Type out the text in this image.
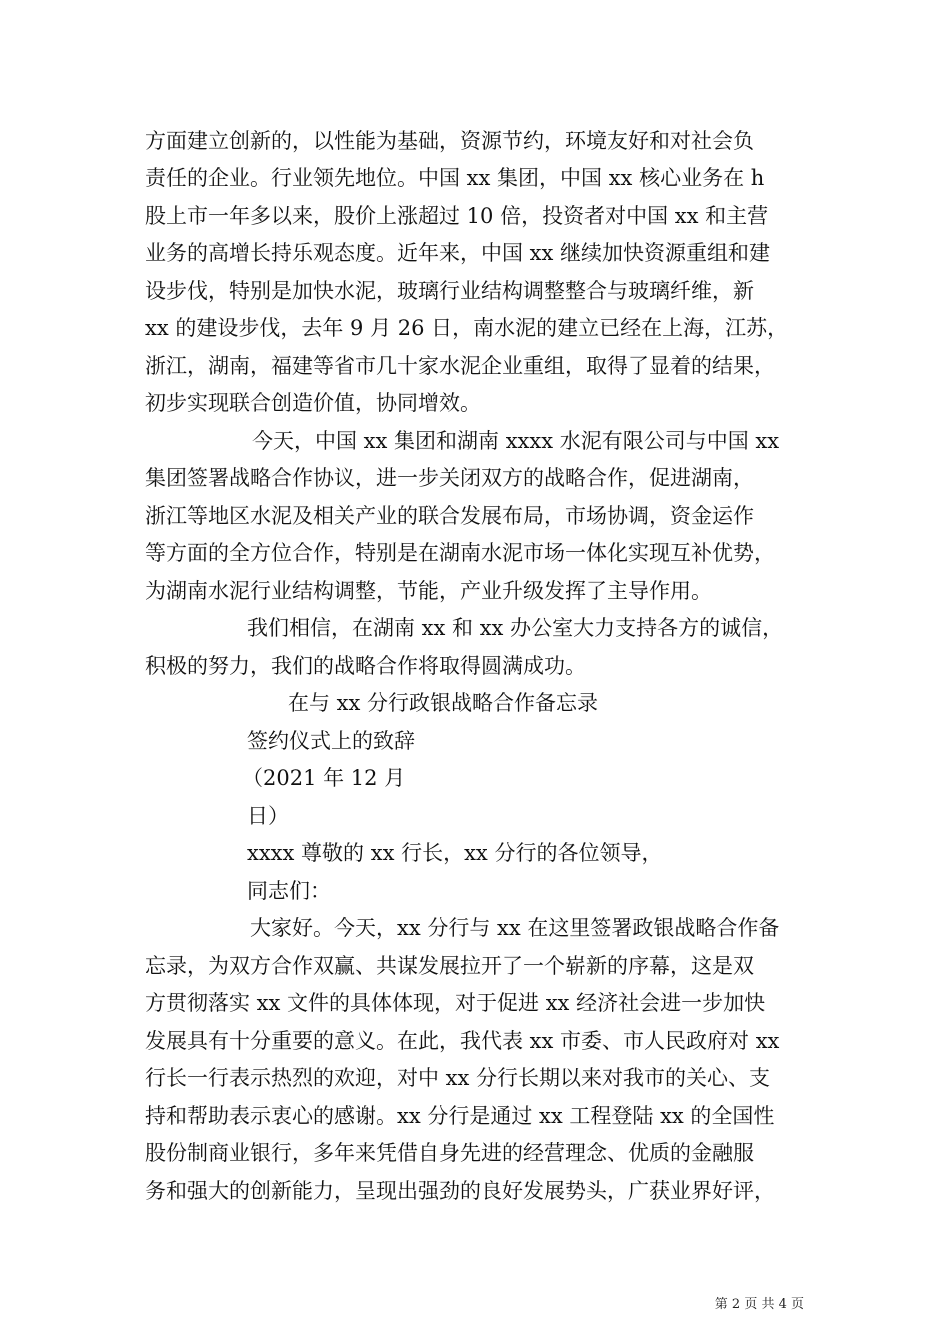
方面建立创新的，以性能为基础，资源节约，环境友好和对社会负
责任的企业。行业领先地位。中国 xx 集团，中国 xx 核心业务在 h
股上市一年多以来，股价上涨超过 10 倍，投资者对中国 xx 和主营
业务的高增长持乐观态度。近年来，中国 xx 继续加快资源重组和建
设步伐，特别是加快水泥，玻璃行业结构调整整合与玻璃纤维，新
xx 的建设步伐，去年 9 月 26 日，南水泥的建立已经在上海，江苏，
浙江，湖南，福建等省市几十家水泥企业重组，取得了显着的结果，
初步实现联合创造价值，协同增效。
今天，中国 xx 集团和湖南 xxxx 水泥有限公司与中国 xx
集团签署战略合作协议，进一步关闭双方的战略合作，促进湖南，
浙江等地区水泥及相关产业的联合发展布局，市场协调，资金运作
等方面的全方位合作，特别是在湖南水泥市场一体化实现互补优势，
为湖南水泥行业结构调整，节能，产业升级发挥了主导作用。
我们相信，在湖南 xx 和 xx 办公室大力支持各方的诚信，
积极的努力，我们的战略合作将取得圆满成功。
在与 xx 分行政银战略合作备忘录
签约仪式上的致辞
（2021 年 12 月
日）
xxxx 尊敬的 xx 行长，xx 分行的各位领导，
同志们：
大家好。今天，xx 分行与 xx 在这里签署政银战略合作备
忘录，为双方合作双赢、共谋发展拉开了一个崭新的序幕，这是双
方贯彻落实 xx 文件的具体体现，对于促进 xx 经济社会进一步加快
发展具有十分重要的意义。在此，我代表 xx 市委、市人民政府对 xx
行长一行表示热烈的欢迎，对中 xx 分行长期以来对我市的关心、支
持和帮助表示衷心的感谢。xx 分行是通过 xx 工程登陆 xx 的全国性
股份制商业银行，多年来凭借自身先进的经营理念、优质的金融服
务和强大的创新能力，呈现出强劲的良好发展势头，广获业界好评，
第 2 页 共 4 页
